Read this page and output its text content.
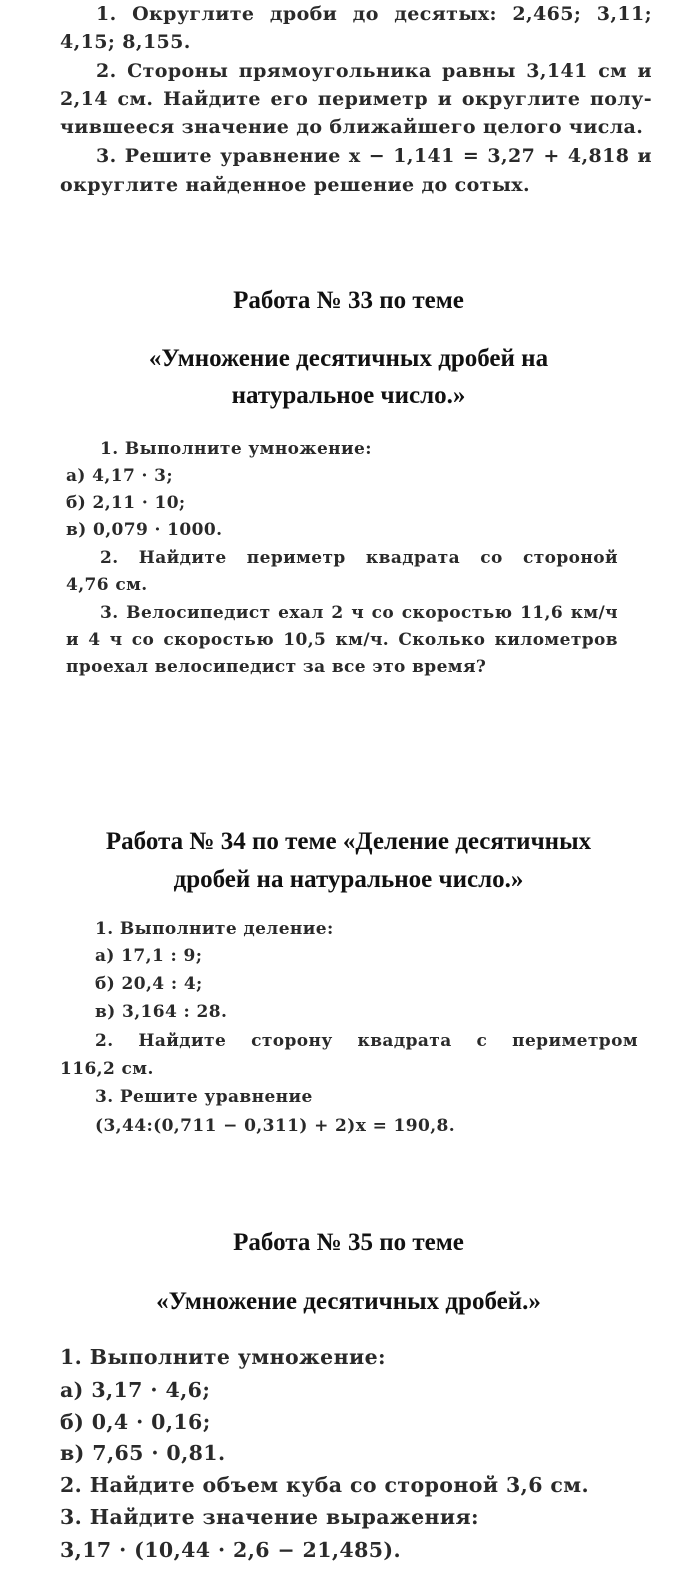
1. Округлите дроби до десятых: 2,465; 3,11;
4,15; 8,155.
2. Стороны прямоугольника равны 3,141 см и
2,14 см. Найдите его периметр и округлите полу-
чившееся значение до ближайшего целого числа.
3. Решите уравнение x − 1,141 = 3,27 + 4,818 и
округлите найденное решение до сотых.
Работа № 33 по теме
«Умножение десятичных дробей на
натуральное число.»
1. Выполните умножение:
а) 4,17 · 3;
б) 2,11 · 10;
в) 0,079 · 1000.
2. Найдите периметр квадрата со стороной
4,76 см.
3. Велосипедист ехал 2 ч со скоростью 11,6 км/ч
и 4 ч со скоростью 10,5 км/ч. Сколько километров
проехал велосипедист за все это время?
Работа № 34 по теме «Деление десятичных
дробей на натуральное число.»
1. Выполните деление:
а) 17,1 : 9;
б) 20,4 : 4;
в) 3,164 : 28.
2. Найдите сторону квадрата с периметром
116,2 см.
3. Решите уравнение
(3,44:(0,711 − 0,311) + 2)x = 190,8.
Работа № 35 по теме
«Умножение десятичных дробей.»
1. Выполните умножение:
а) 3,17 · 4,6;
б) 0,4 · 0,16;
в) 7,65 · 0,81.
2. Найдите объем куба со стороной 3,6 см.
3. Найдите значение выражения:
3,17 · (10,44 · 2,6 − 21,485).
